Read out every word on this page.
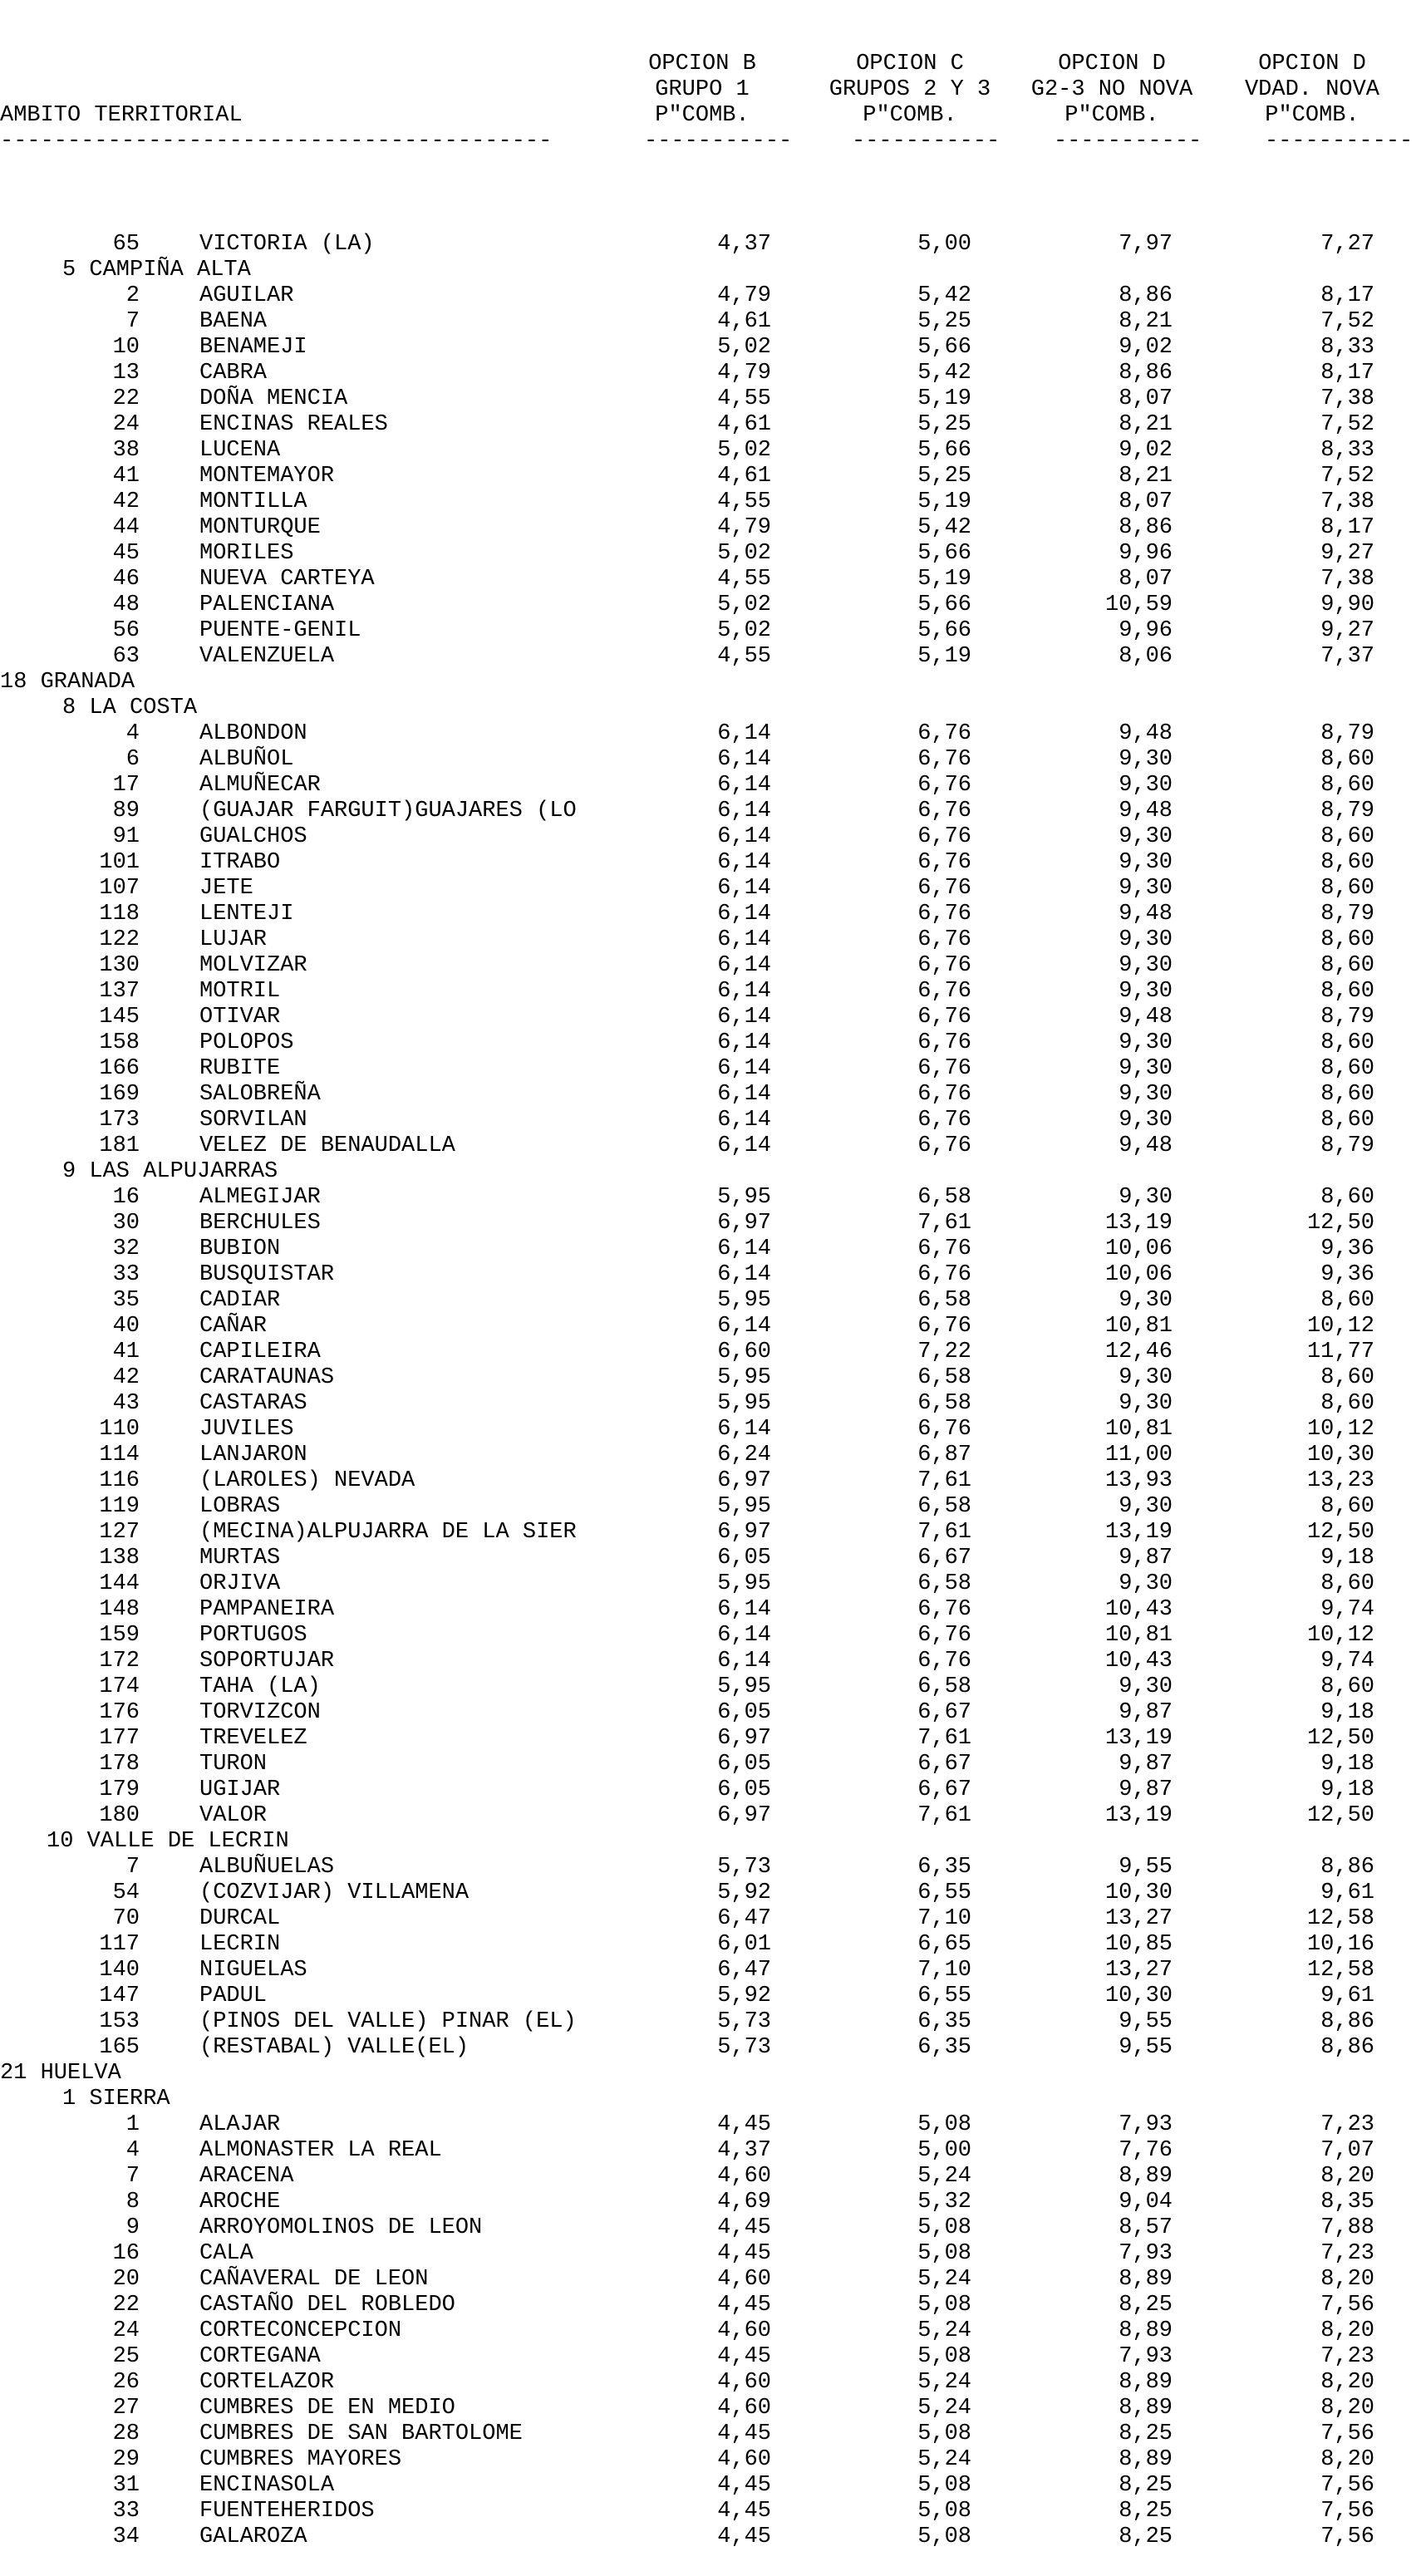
OPCION B	OPCION C	OPCION D	OPCION D
GRUPO 1	GRUPOS 2 Y 3	G2-3 NO NOVA	VDAD. NOVA
P"COMB.	P"COMB.	P"COMB.	P"COMB.
AMBITO TERRITORIAL
-----------------------------------------	-----------	-----------	-----------	-----------

65	VICTORIA (LA)	4,37	5,00	7,97	7,27
5 CAMPIÑA ALTA
2	AGUILAR	4,79	5,42	8,86	8,17
7	BAENA	4,61	5,25	8,21	7,52
10	BENAMEJI	5,02	5,66	9,02	8,33
13	CABRA	4,79	5,42	8,86	8,17
22	DOÑA MENCIA	4,55	5,19	8,07	7,38
24	ENCINAS REALES	4,61	5,25	8,21	7,52
38	LUCENA	5,02	5,66	9,02	8,33
41	MONTEMAYOR	4,61	5,25	8,21	7,52
42	MONTILLA	4,55	5,19	8,07	7,38
44	MONTURQUE	4,79	5,42	8,86	8,17
45	MORILES	5,02	5,66	9,96	9,27
46	NUEVA CARTEYA	4,55	5,19	8,07	7,38
48	PALENCIANA	5,02	5,66	10,59	9,90
56	PUENTE-GENIL	5,02	5,66	9,96	9,27
63	VALENZUELA	4,55	5,19	8,06	7,37
18 GRANADA
8 LA COSTA
4	ALBONDON	6,14	6,76	9,48	8,79
6	ALBUÑOL	6,14	6,76	9,30	8,60
17	ALMUÑECAR	6,14	6,76	9,30	8,60
89	(GUAJAR FARGUIT)GUAJARES (LO	6,14	6,76	9,48	8,79
91	GUALCHOS	6,14	6,76	9,30	8,60
101	ITRABO	6,14	6,76	9,30	8,60
107	JETE	6,14	6,76	9,30	8,60
118	LENTEJI	6,14	6,76	9,48	8,79
122	LUJAR	6,14	6,76	9,30	8,60
130	MOLVIZAR	6,14	6,76	9,30	8,60
137	MOTRIL	6,14	6,76	9,30	8,60
145	OTIVAR	6,14	6,76	9,48	8,79
158	POLOPOS	6,14	6,76	9,30	8,60
166	RUBITE	6,14	6,76	9,30	8,60
169	SALOBREÑA	6,14	6,76	9,30	8,60
173	SORVILAN	6,14	6,76	9,30	8,60
181	VELEZ DE BENAUDALLA	6,14	6,76	9,48	8,79
9 LAS ALPUJARRAS
16	ALMEGIJAR	5,95	6,58	9,30	8,60
30	BERCHULES	6,97	7,61	13,19	12,50
32	BUBION	6,14	6,76	10,06	9,36
33	BUSQUISTAR	6,14	6,76	10,06	9,36
35	CADIAR	5,95	6,58	9,30	8,60
40	CAÑAR	6,14	6,76	10,81	10,12
41	CAPILEIRA	6,60	7,22	12,46	11,77
42	CARATAUNAS	5,95	6,58	9,30	8,60
43	CASTARAS	5,95	6,58	9,30	8,60
110	JUVILES	6,14	6,76	10,81	10,12
114	LANJARON	6,24	6,87	11,00	10,30
116	(LAROLES) NEVADA	6,97	7,61	13,93	13,23
119	LOBRAS	5,95	6,58	9,30	8,60
127	(MECINA)ALPUJARRA DE LA SIER	6,97	7,61	13,19	12,50
138	MURTAS	6,05	6,67	9,87	9,18
144	ORJIVA	5,95	6,58	9,30	8,60
148	PAMPANEIRA	6,14	6,76	10,43	9,74
159	PORTUGOS	6,14	6,76	10,81	10,12
172	SOPORTUJAR	6,14	6,76	10,43	9,74
174	TAHA (LA)	5,95	6,58	9,30	8,60
176	TORVIZCON	6,05	6,67	9,87	9,18
177	TREVELEZ	6,97	7,61	13,19	12,50
178	TURON	6,05	6,67	9,87	9,18
179	UGIJAR	6,05	6,67	9,87	9,18
180	VALOR	6,97	7,61	13,19	12,50
10 VALLE DE LECRIN
7	ALBUÑUELAS	5,73	6,35	9,55	8,86
54	(COZVIJAR) VILLAMENA	5,92	6,55	10,30	9,61
70	DURCAL	6,47	7,10	13,27	12,58
117	LECRIN	6,01	6,65	10,85	10,16
140	NIGUELAS	6,47	7,10	13,27	12,58
147	PADUL	5,92	6,55	10,30	9,61
153	(PINOS DEL VALLE) PINAR (EL)	5,73	6,35	9,55	8,86
165	(RESTABAL) VALLE(EL)	5,73	6,35	9,55	8,86
21 HUELVA
1 SIERRA
1	ALAJAR	4,45	5,08	7,93	7,23
4	ALMONASTER LA REAL	4,37	5,00	7,76	7,07
7	ARACENA	4,60	5,24	8,89	8,20
8	AROCHE	4,69	5,32	9,04	8,35
9	ARROYOMOLINOS DE LEON	4,45	5,08	8,57	7,88
16	CALA	4,45	5,08	7,93	7,23
20	CAÑAVERAL DE LEON	4,60	5,24	8,89	8,20
22	CASTAÑO DEL ROBLEDO	4,45	5,08	8,25	7,56
24	CORTECONCEPCION	4,60	5,24	8,89	8,20
25	CORTEGANA	4,45	5,08	7,93	7,23
26	CORTELAZOR	4,60	5,24	8,89	8,20
27	CUMBRES DE EN MEDIO	4,60	5,24	8,89	8,20
28	CUMBRES DE SAN BARTOLOME	4,45	5,08	8,25	7,56
29	CUMBRES MAYORES	4,60	5,24	8,89	8,20
31	ENCINASOLA	4,45	5,08	8,25	7,56
33	FUENTEHERIDOS	4,45	5,08	8,25	7,56
34	GALAROZA	4,45	5,08	8,25	7,56
